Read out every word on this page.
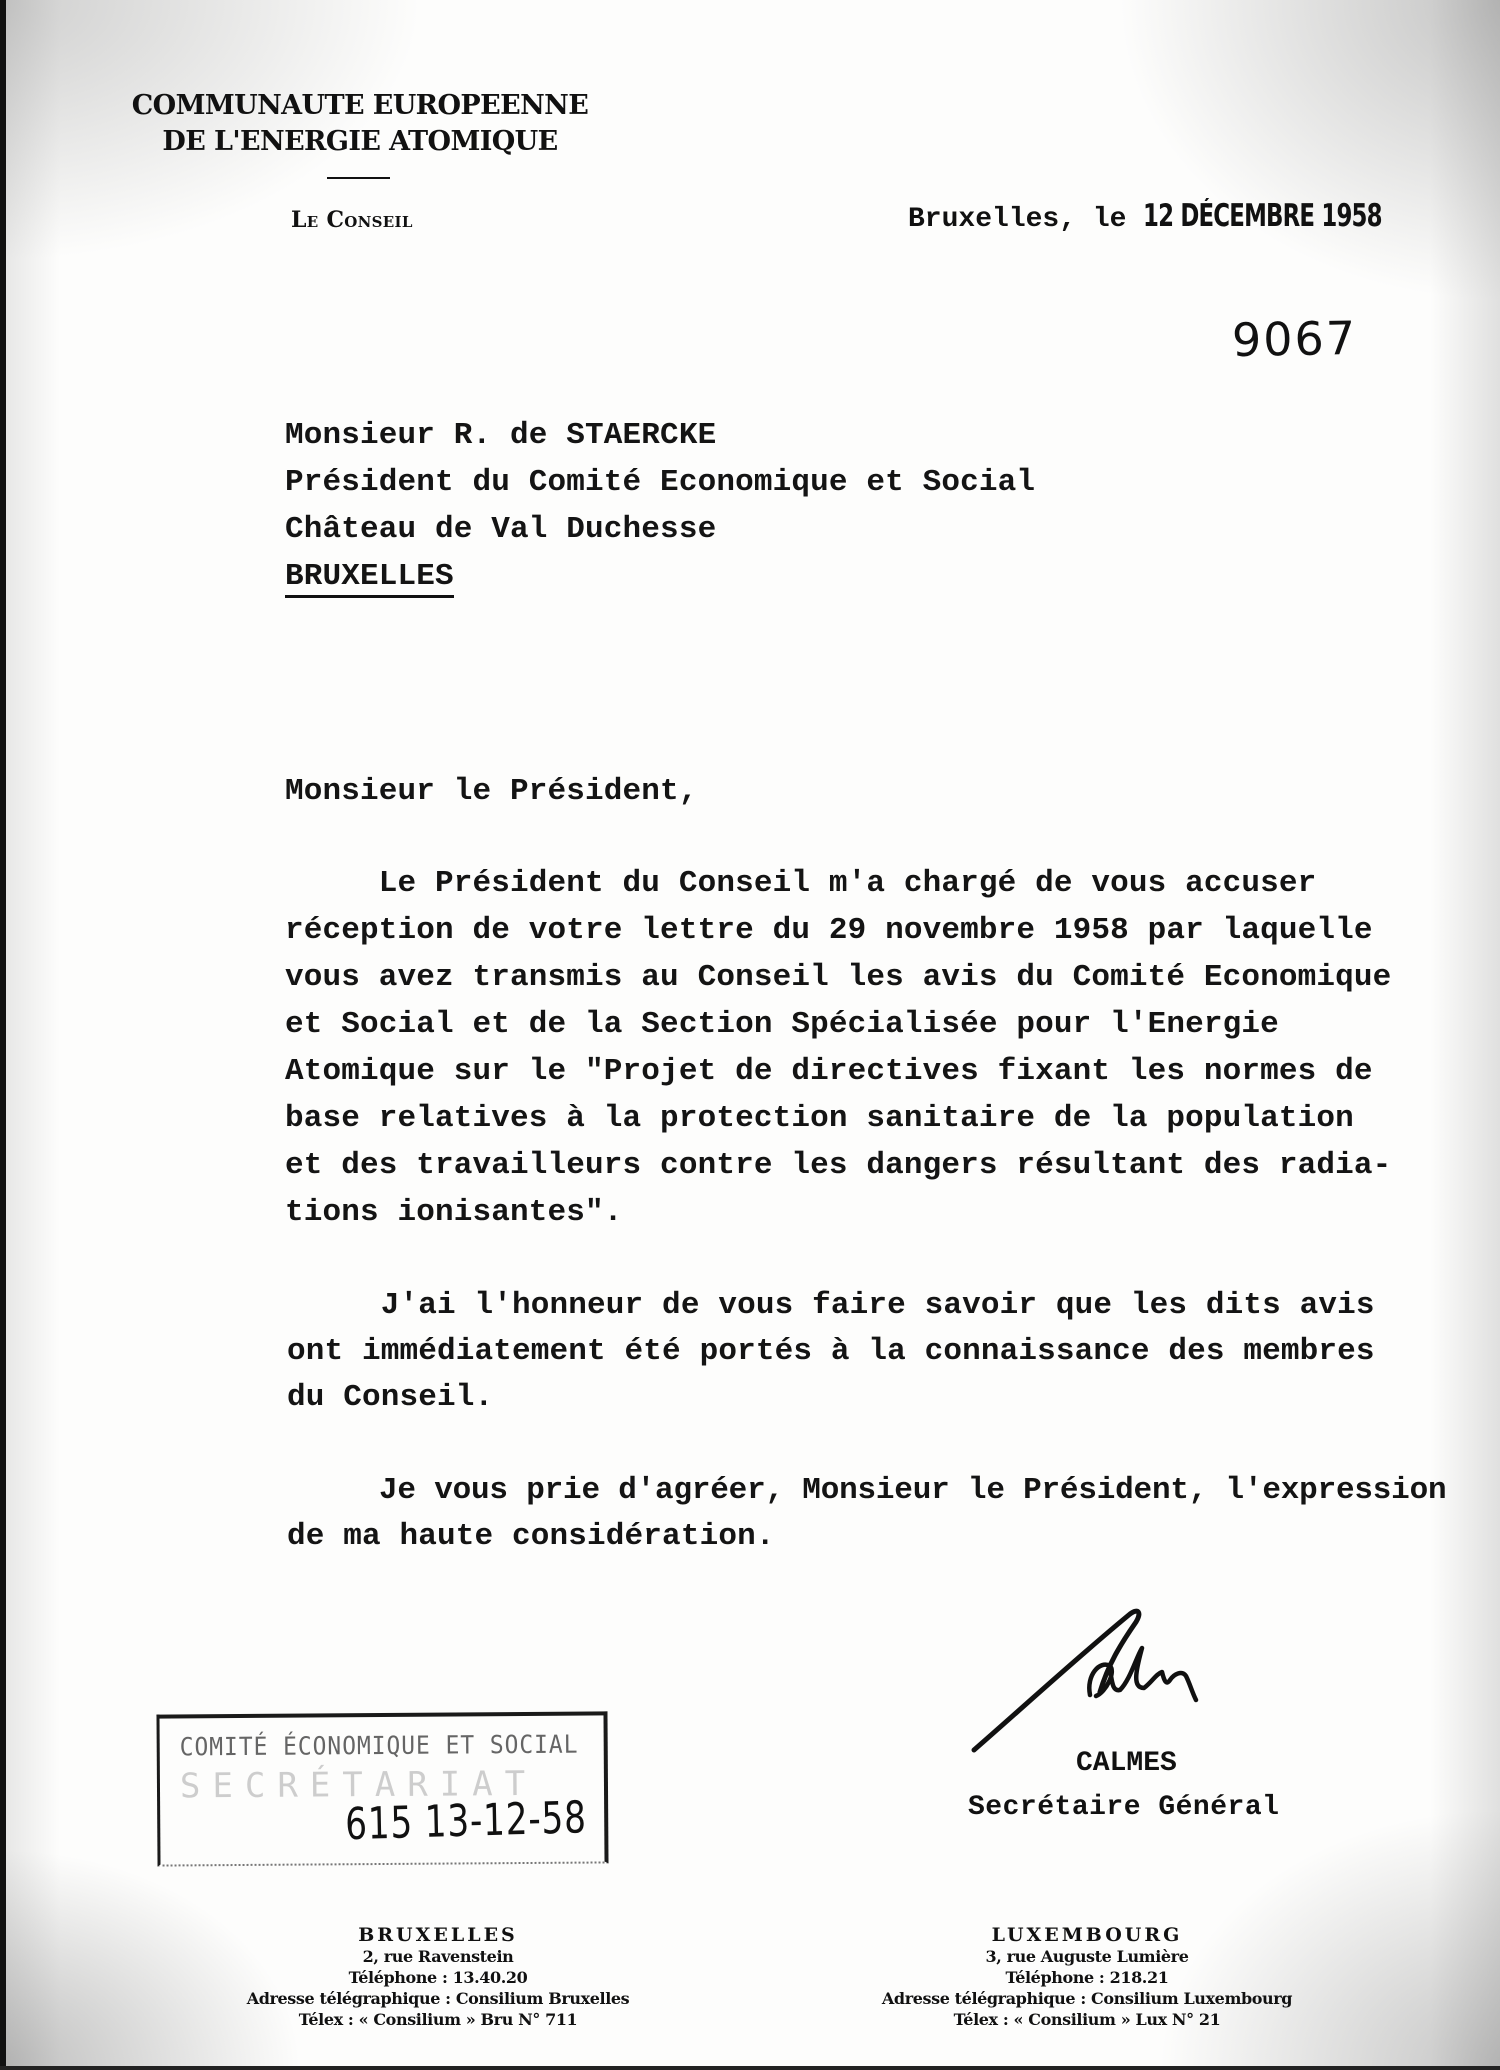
COMMUNAUTE EUROPEENNE
DE L'ENERGIE ATOMIQUE
Le Conseil	Bruxelles, le 12 DÉCEMBRE 1958
9067
Monsieur R. de STAERCKE
Président du Comité Economique et Social
Château de Val Duchesse
BRUXELLES
Monsieur le Président,
Le Président du Conseil m'a chargé de vous accuser
réception de votre lettre du 29 novembre 1958 par laquelle
vous avez transmis au Conseil les avis du Comité Economique
et Social et de la Section Spécialisée pour l'Energie
Atomique sur le "Projet de directives fixant les normes de
base relatives à la protection sanitaire de la population
et des travailleurs contre les dangers résultant des radia-
tions ionisantes".
J'ai l'honneur de vous faire savoir que les dits avis
ont immédiatement été portés à la connaissance des membres
du Conseil.
Je vous prie d'agréer, Monsieur le Président, l'expression
de ma haute considération.
CALMES
Secrétaire Général
COMITÉ ÉCONOMIQUE ET SOCIAL
SECRÉTARIAT
615 13-12-58
BRUXELLES
2, rue Ravenstein
Téléphone : 13.40.20
Adresse télégraphique : Consilium Bruxelles
Télex : « Consilium » Bru N° 711
LUXEMBOURG
3, rue Auguste Lumière
Téléphone : 218.21
Adresse télégraphique : Consilium Luxembourg
Télex : « Consilium » Lux N° 21
